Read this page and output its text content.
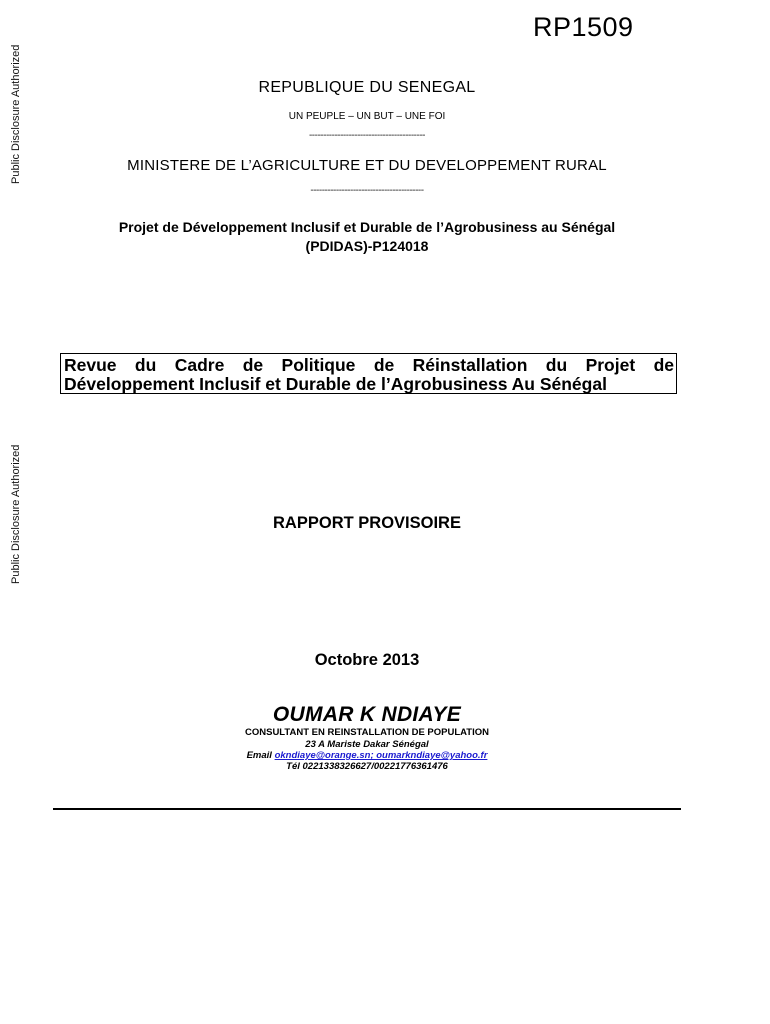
Public Disclosure Authorized
Public Disclosure Authorized
RP1509
REPUBLIQUE DU SENEGAL
UN PEUPLE – UN BUT – UNE FOI
-----------------------------------------
MINISTERE DE L’AGRICULTURE ET DU DEVELOPPEMENT RURAL
----------------------------------------
Projet de Développement Inclusif et Durable de l’Agrobusiness au Sénégal
(PDIDAS)-P124018
Revue du Cadre de Politique de Réinstallation du Projet de
Développement Inclusif et Durable de l’Agrobusiness Au Sénégal
RAPPORT PROVISOIRE
Octobre 2013
OUMAR K NDIAYE
CONSULTANT EN REINSTALLATION DE POPULATION
23 A Mariste Dakar Sénégal
Email okndiaye@orange.sn; oumarkndiaye@yahoo.fr
Tél 0221338326627/00221776361476
